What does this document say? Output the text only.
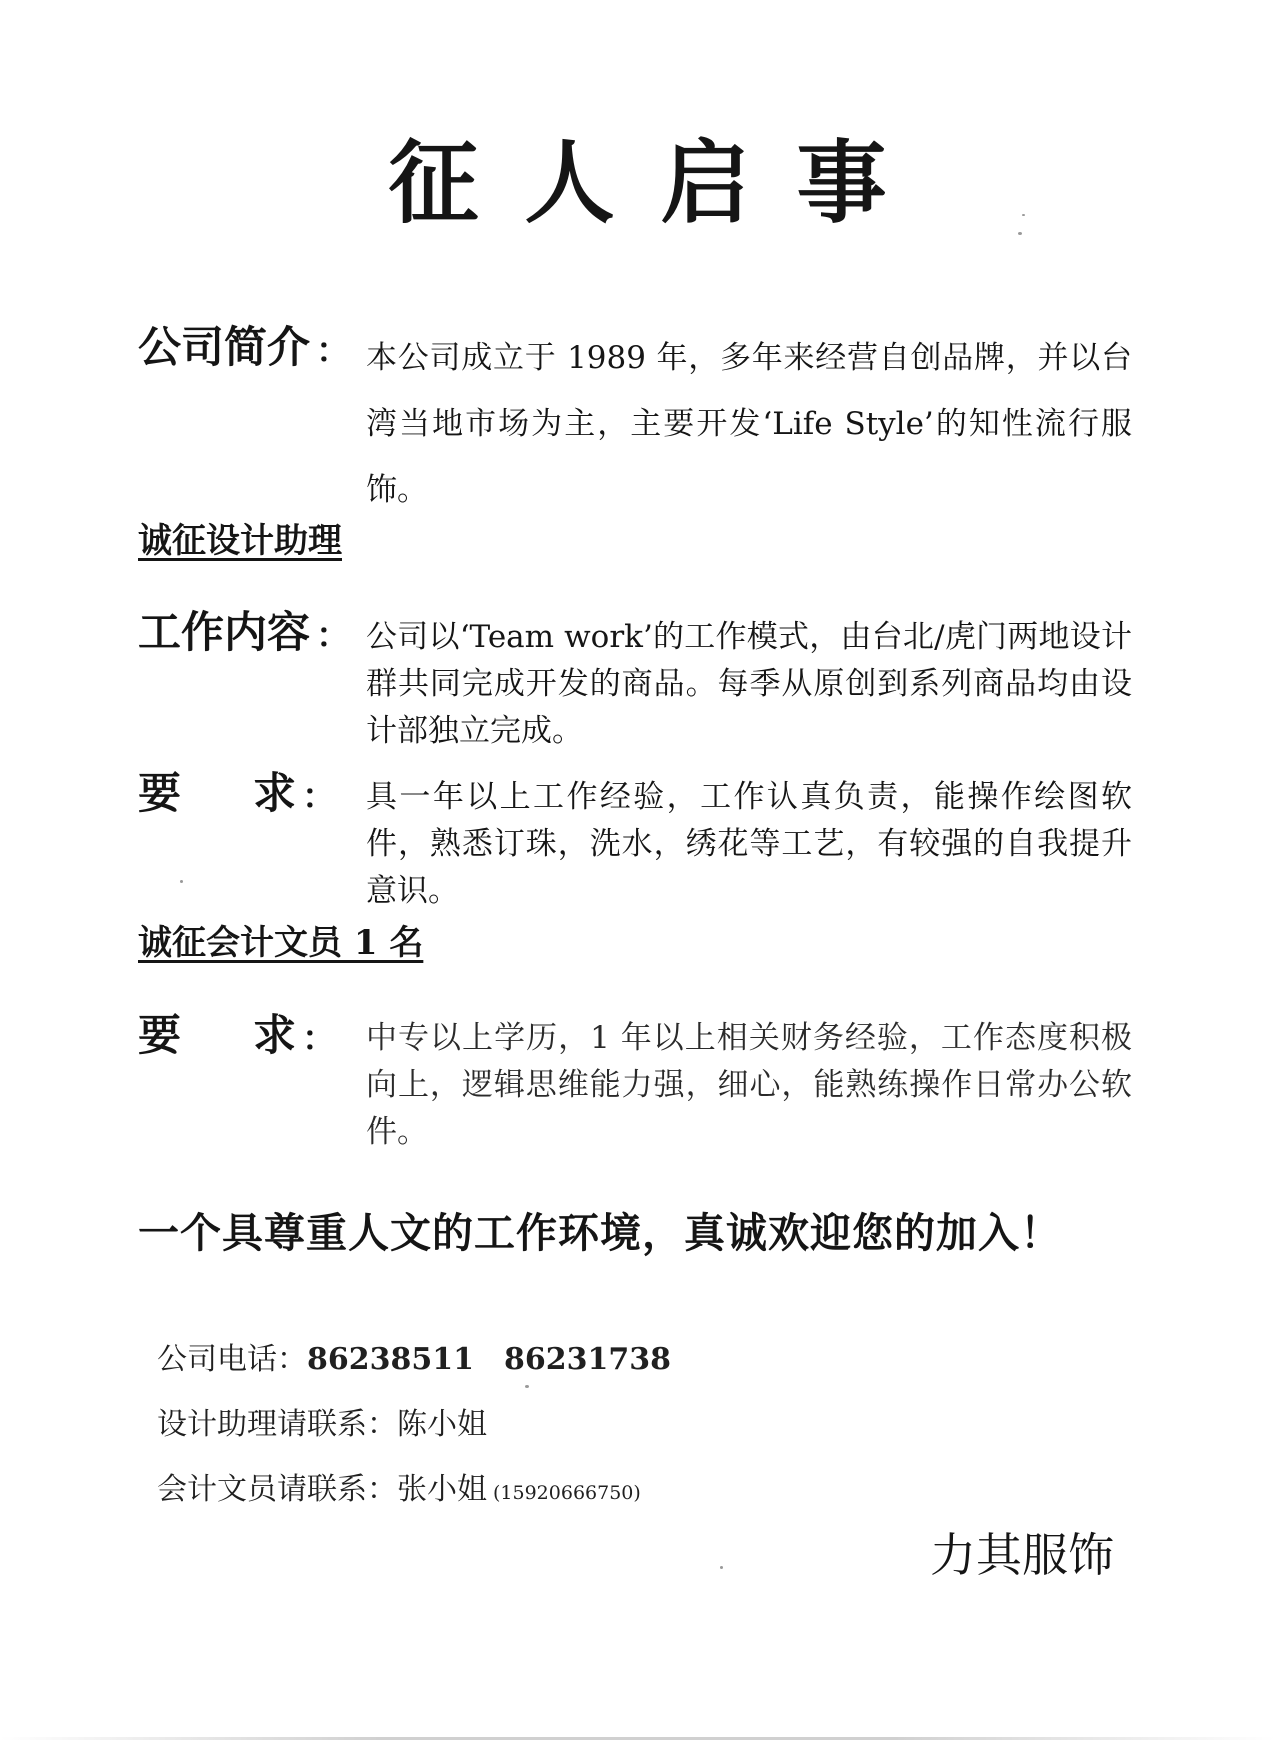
征人启事
公司简介 ： 本公司成立于 1989 年，多年来经营自创品牌，并以台湾当地市场为主，主要开发‘Life Style’的知性流行服饰。
诚征设计助理
工作内容 ： 公司以‘Team work’的工作模式，由台北/虎门两地设计群共同完成开发的商品。每季从原创到系列商品均由设计部独立完成。
要 求 ： 具一年以上工作经验，工作认真负责，能操作绘图软件，熟悉订珠，洗水，绣花等工艺，有较强的自我提升意识。
诚征会计文员 1 名
要 求 ： 中专以上学历，1 年以上相关财务经验，工作态度积极向上，逻辑思维能力强，细心，能熟练操作日常办公软件。
一个具尊重人文的工作环境，真诚欢迎您的加入！
公司电话：86238511 86231738
设计助理请联系：陈小姐
会计文员请联系：张小姐 (15920666750)
力其服饰
